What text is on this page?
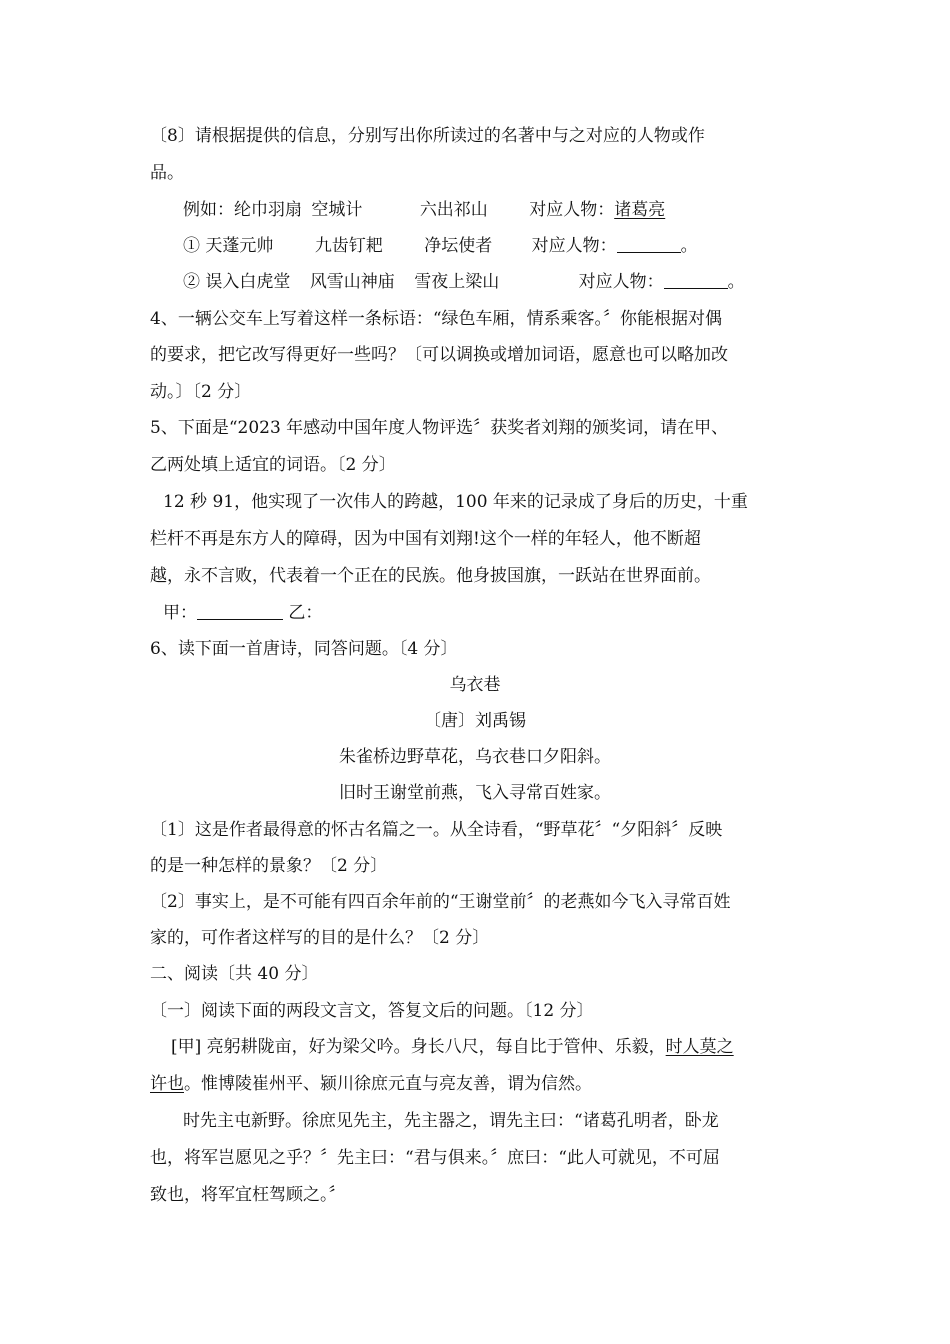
〔8〕请根据提供的信息，分别写出你所读过的名著中与之对应的人物或作
品。
例如：纶巾羽扇 空城计	六出祁山 对应人物：诸葛亮
① 天蓬元帅 九齿钉耙 净坛使者 对应人物：	。
② 误入白虎堂 风雪山神庙 雪夜上梁山	对应人物：	。
4、一辆公交车上写着这样一条标语：“绿色车厢，情系乘客。〞你能根据对偶
的要求，把它改写得更好一些吗？〔可以调换或增加词语，愿意也可以略加改
动。〕〔2 分〕
5、下面是“2023 年感动中国年度人物评选〞获奖者刘翔的颁奖词，请在甲、
乙两处填上适宜的词语。〔2 分〕
12 秒 91，他实现了一次伟人的跨越，100 年来的记录成了身后的历史，十重
栏杆不再是东方人的障碍，因为中国有刘翔!这个一样的年轻人，他不断超
越，永不言败，代表着一个正在的民族。他身披国旗，一跃站在世界面前。
甲：	乙：
6、读下面一首唐诗，同答问题。〔4 分〕
乌衣巷
〔唐〕刘禹锡
朱雀桥边野草花，乌衣巷口夕阳斜。
旧时王谢堂前燕，飞入寻常百姓家。
〔1〕这是作者最得意的怀古名篇之一。从全诗看，“野草花〞“夕阳斜〞反映
的是一种怎样的景象？〔2 分〕
〔2〕事实上，是不可能有四百余年前的“王谢堂前〞的老燕如今飞入寻常百姓
家的，可作者这样写的目的是什么？〔2 分〕
二、阅读〔共 40 分〕
〔一〕阅读下面的两段文言文，答复文后的问题。〔12 分〕
[甲] 亮躬耕陇亩，好为梁父吟。身长八尺，每自比于管仲、乐毅，时人莫之
许也。惟博陵崔州平、颍川徐庶元直与亮友善，谓为信然。
时先主屯新野。徐庶见先主，先主器之，谓先主曰：“诸葛孔明者，卧龙
也，将军岂愿见之乎？〞先主曰：“君与俱来。〞庶曰：“此人可就见，不可屈
致也，将军宜枉驾顾之。〞
